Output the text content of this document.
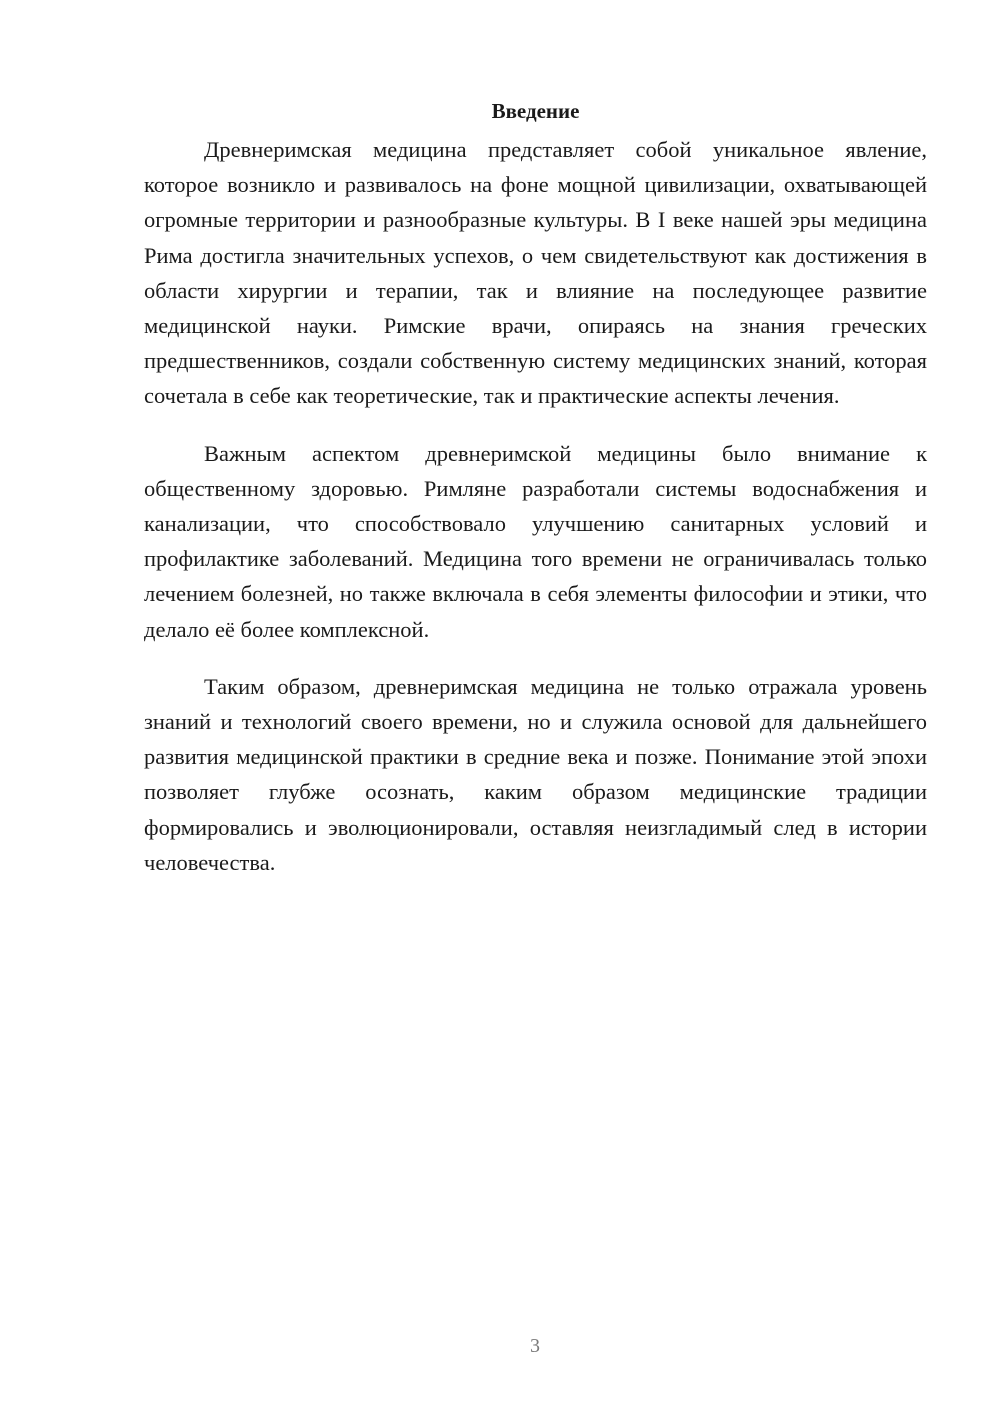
Введение

Древнеримская медицина представляет собой уникальное явление, которое возникло и развивалось на фоне мощной цивилизации, охватывающей огромные территории и разнообразные культуры. В I веке нашей эры медицина Рима достигла значительных успехов, о чем свидетельствуют как достижения в области хирургии и терапии, так и влияние на последующее развитие медицинской науки. Римские врачи, опираясь на знания греческих предшественников, создали собственную систему медицинских знаний, которая сочетала в себе как теоретические, так и практические аспекты лечения.

Важным аспектом древнеримской медицины было внимание к общественному здоровью. Римляне разработали системы водоснабжения и канализации, что способствовало улучшению санитарных условий и профилактике заболеваний. Медицина того времени не ограничивалась только лечением болезней, но также включала в себя элементы философии и этики, что делало её более комплексной.

Таким образом, древнеримская медицина не только отражала уровень знаний и технологий своего времени, но и служила основой для дальнейшего развития медицинской практики в средние века и позже. Понимание этой эпохи позволяет глубже осознать, каким образом медицинские традиции формировались и эволюционировали, оставляя неизгладимый след в истории человечества.

3
